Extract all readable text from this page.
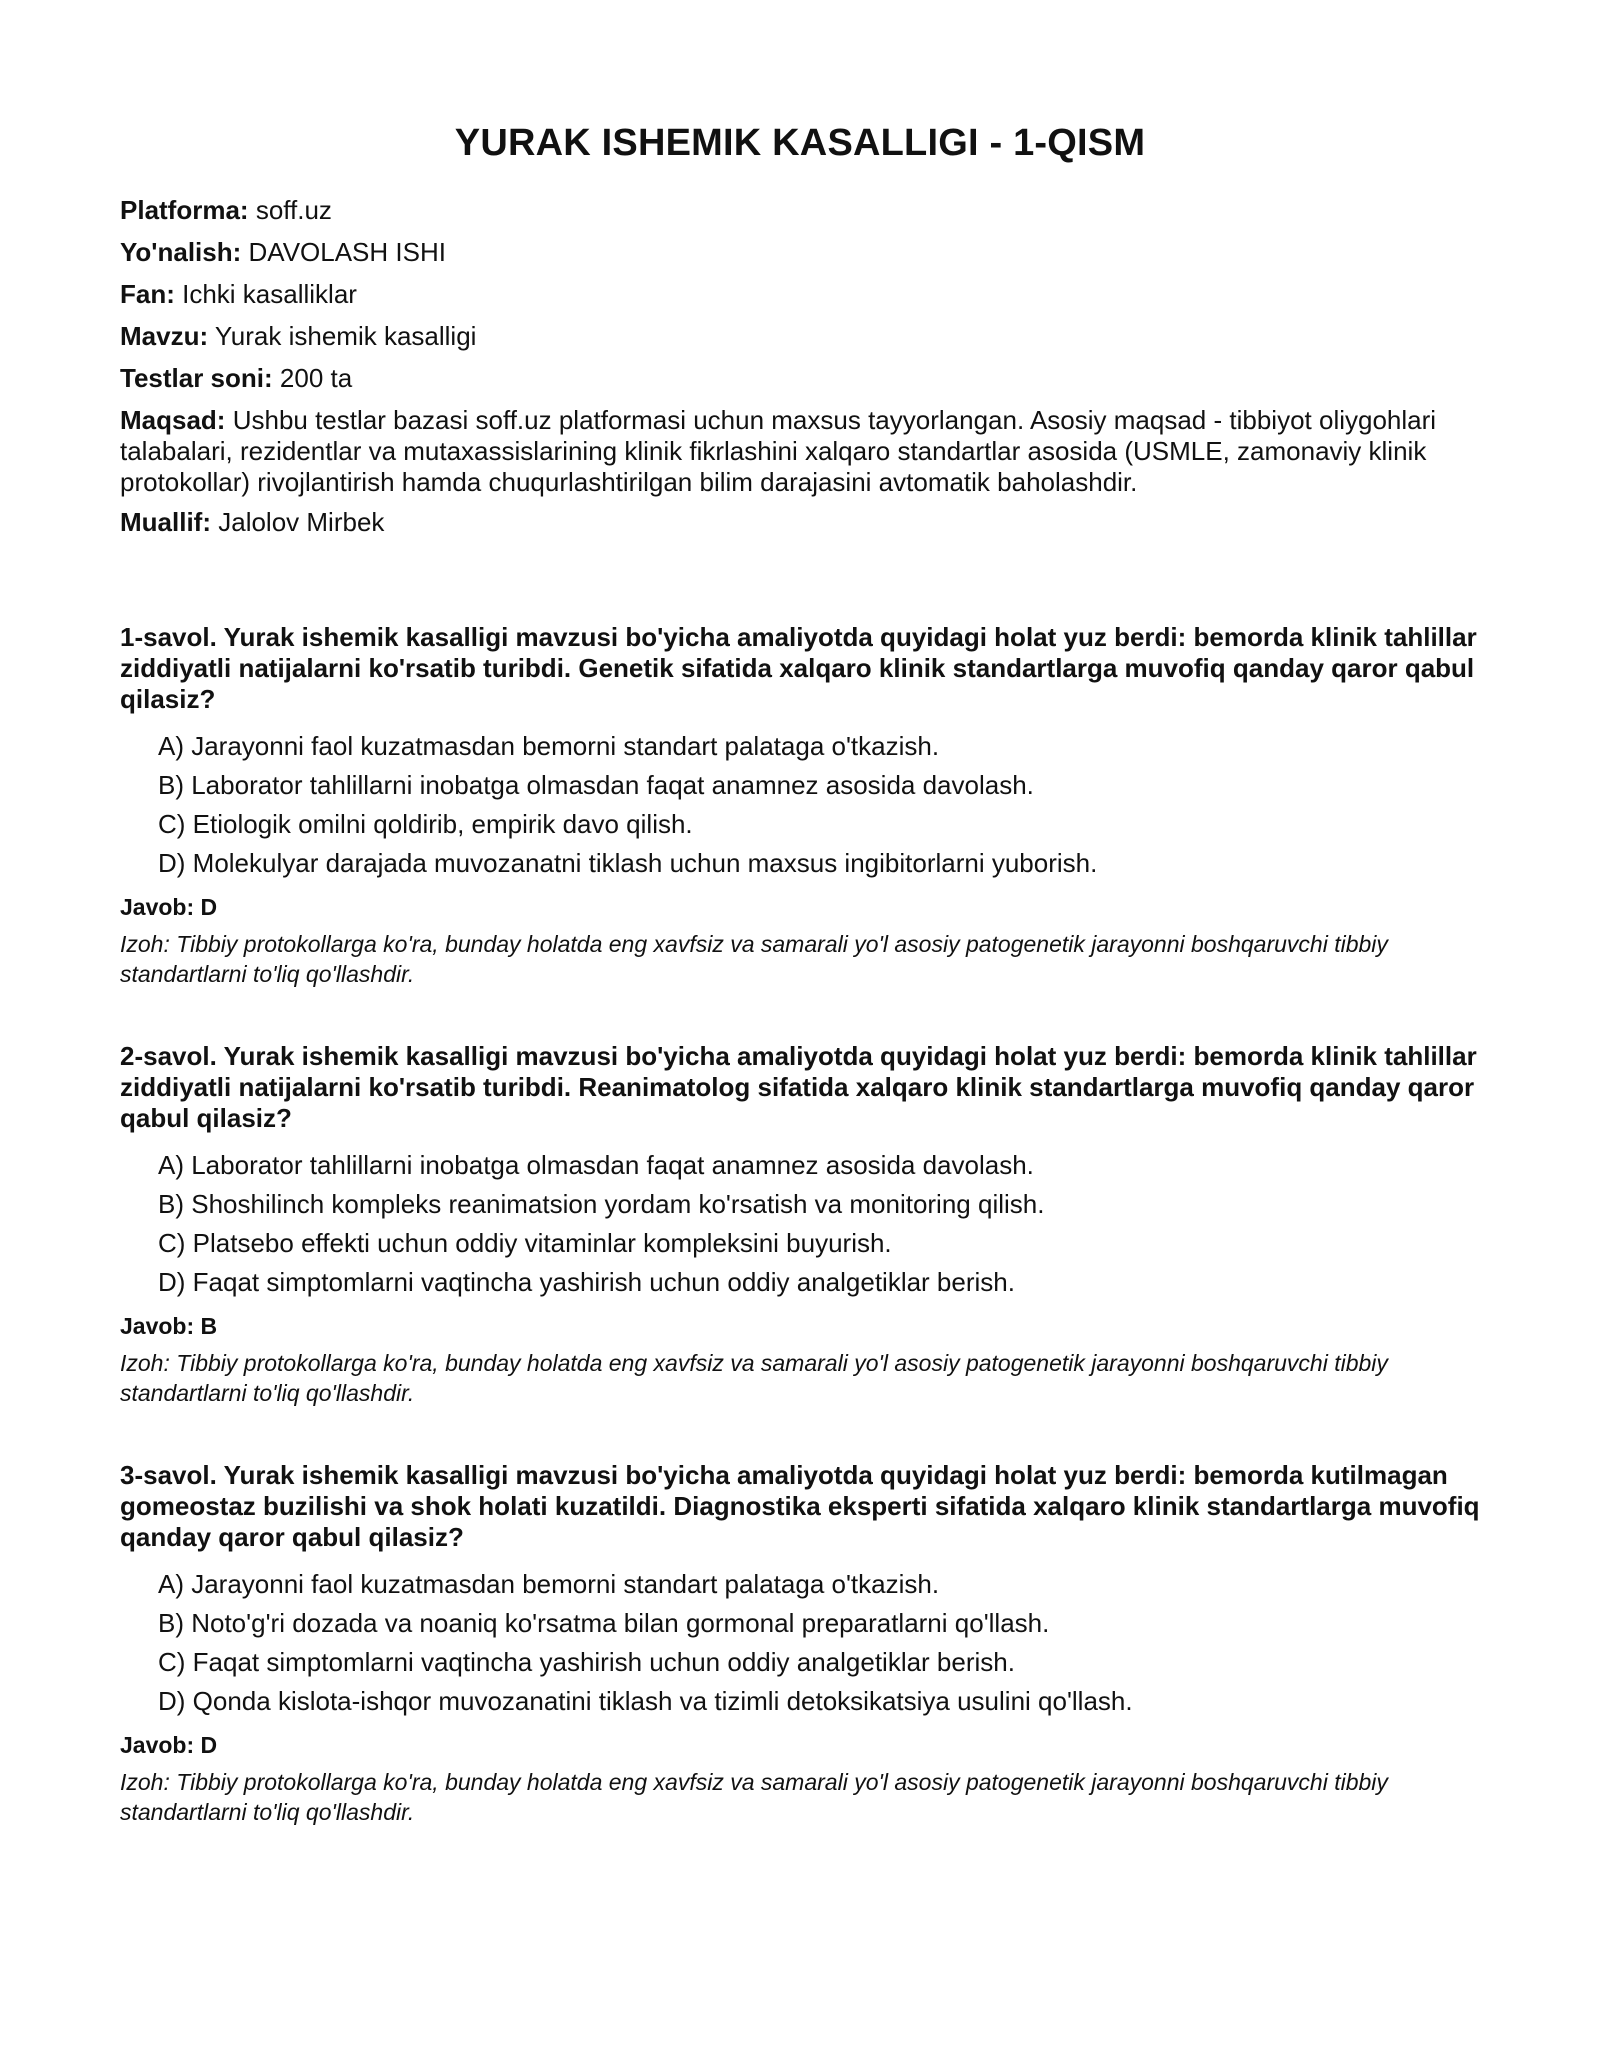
YURAK ISHEMIK KASALLIGI - 1-QISM
Platforma: soff.uz
Yo'nalish: DAVOLASH ISHI
Fan: Ichki kasalliklar
Mavzu: Yurak ishemik kasalligi
Testlar soni: 200 ta
Maqsad: Ushbu testlar bazasi soff.uz platformasi uchun maxsus tayyorlangan. Asosiy maqsad - tibbiyot oliygohlari talabalari, rezidentlar va mutaxassislarining klinik fikrlashini xalqaro standartlar asosida (USMLE, zamonaviy klinik protokollar) rivojlantirish hamda chuqurlashtirilgan bilim darajasini avtomatik baholashdir.
Muallif: Jalolov Mirbek

1-savol. Yurak ishemik kasalligi mavzusi bo'yicha amaliyotda quyidagi holat yuz berdi: bemorda klinik tahlillar ziddiyatli natijalarni ko'rsatib turibdi. Genetik sifatida xalqaro klinik standartlarga muvofiq qanday qaror qabul qilasiz?

A) Jarayonni faol kuzatmasdan bemorni standart palataga o'tkazish.
B) Laborator tahlillarni inobatga olmasdan faqat anamnez asosida davolash.
C) Etiologik omilni qoldirib, empirik davo qilish.
D) Molekulyar darajada muvozanatni tiklash uchun maxsus ingibitorlarni yuborish.
Javob: D
Izoh: Tibbiy protokollarga ko'ra, bunday holatda eng xavfsiz va samarali yo'l asosiy patogenetik jarayonni boshqaruvchi tibbiy standartlarni to'liq qo'llashdir.

2-savol. Yurak ishemik kasalligi mavzusi bo'yicha amaliyotda quyidagi holat yuz berdi: bemorda klinik tahlillar ziddiyatli natijalarni ko'rsatib turibdi. Reanimatolog sifatida xalqaro klinik standartlarga muvofiq qanday qaror qabul qilasiz?

A) Laborator tahlillarni inobatga olmasdan faqat anamnez asosida davolash.
B) Shoshilinch kompleks reanimatsion yordam ko'rsatish va monitoring qilish.
C) Platsebo effekti uchun oddiy vitaminlar kompleksini buyurish.
D) Faqat simptomlarni vaqtincha yashirish uchun oddiy analgetiklar berish.
Javob: B
Izoh: Tibbiy protokollarga ko'ra, bunday holatda eng xavfsiz va samarali yo'l asosiy patogenetik jarayonni boshqaruvchi tibbiy standartlarni to'liq qo'llashdir.

3-savol. Yurak ishemik kasalligi mavzusi bo'yicha amaliyotda quyidagi holat yuz berdi: bemorda kutilmagan gomeostaz buzilishi va shok holati kuzatildi. Diagnostika eksperti sifatida xalqaro klinik standartlarga muvofiq qanday qaror qabul qilasiz?

A) Jarayonni faol kuzatmasdan bemorni standart palataga o'tkazish.
B) Noto'g'ri dozada va noaniq ko'rsatma bilan gormonal preparatlarni qo'llash.
C) Faqat simptomlarni vaqtincha yashirish uchun oddiy analgetiklar berish.
D) Qonda kislota-ishqor muvozanatini tiklash va tizimli detoksikatsiya usulini qo'llash.
Javob: D
Izoh: Tibbiy protokollarga ko'ra, bunday holatda eng xavfsiz va samarali yo'l asosiy patogenetik jarayonni boshqaruvchi tibbiy standartlarni to'liq qo'llashdir.
